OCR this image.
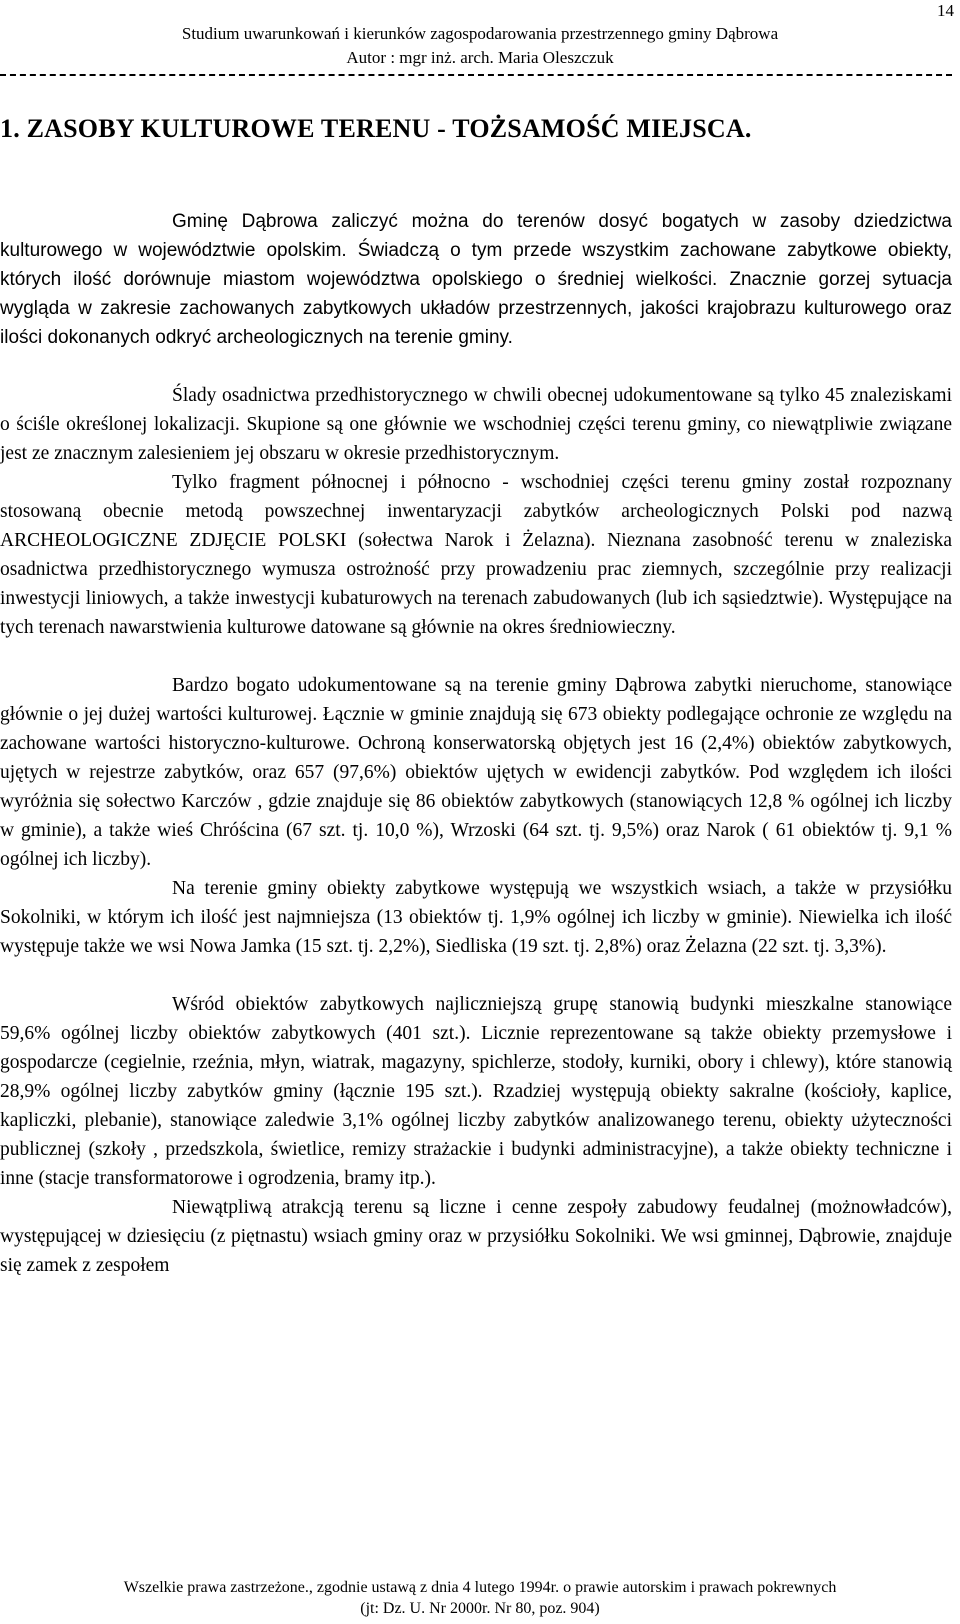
14
Studium uwarunkowań i kierunków zagospodarowania przestrzennego gminy Dąbrowa
Autor : mgr inż. arch. Maria Oleszczuk
1. ZASOBY KULTUROWE TERENU - TOŻSAMOŚĆ MIEJSCA.

Gminę Dąbrowa zaliczyć można do terenów dosyć bogatych w zasoby dziedzictwa kulturowego w województwie opolskim. Świadczą o tym przede wszystkim zachowane zabytkowe obiekty, których ilość dorównuje miastom województwa opolskiego o średniej wielkości. Znacznie gorzej sytuacja wygląda w zakresie zachowanych zabytkowych układów przestrzennych, jakości krajobrazu kulturowego oraz ilości dokonanych odkryć archeologicznych na terenie gminy.

Ślady osadnictwa przedhistorycznego w chwili obecnej udokumentowane są tylko 45 znaleziskami o ściśle określonej lokalizacji. Skupione są one głównie we wschodniej części terenu gminy, co niewątpliwie związane jest ze znacznym zalesieniem jej obszaru w okresie przedhistorycznym.

Tylko fragment północnej i północno - wschodniej części terenu gminy został rozpoznany stosowaną obecnie metodą powszechnej inwentaryzacji zabytków archeologicznych Polski pod nazwą ARCHEOLOGICZNE ZDJĘCIE POLSKI (sołectwa Narok i Żelazna). Nieznana zasobność terenu w znaleziska osadnictwa przedhistorycznego wymusza ostrożność przy prowadzeniu prac ziemnych, szczególnie przy realizacji inwestycji liniowych, a także inwestycji kubaturowych na terenach zabudowanych (lub ich sąsiedztwie). Występujące na tych terenach nawarstwienia kulturowe datowane są głównie na okres średniowieczny.

Bardzo bogato udokumentowane są na terenie gminy Dąbrowa zabytki nieruchome, stanowiące głównie o jej dużej wartości kulturowej. Łącznie w gminie znajdują się 673 obiekty podlegające ochronie ze względu na zachowane wartości historyczno-kulturowe. Ochroną konserwatorską objętych jest 16 (2,4%) obiektów zabytkowych, ujętych w rejestrze zabytków, oraz 657 (97,6%) obiektów ujętych w ewidencji zabytków. Pod względem ich ilości wyróżnia się sołectwo Karczów , gdzie znajduje się 86 obiektów zabytkowych (stanowiących 12,8 % ogólnej ich liczby w gminie), a także wieś Chróścina (67 szt. tj. 10,0 %), Wrzoski (64 szt. tj. 9,5%) oraz Narok ( 61 obiektów tj. 9,1 % ogólnej ich liczby).

Na terenie gminy obiekty zabytkowe występują we wszystkich wsiach, a także w przysiółku Sokolniki, w którym ich ilość jest najmniejsza (13 obiektów tj. 1,9% ogólnej ich liczby w gminie). Niewielka ich ilość występuje także we wsi Nowa Jamka (15 szt. tj. 2,2%), Siedliska (19 szt. tj. 2,8%) oraz Żelazna (22 szt. tj. 3,3%).

Wśród obiektów zabytkowych najliczniejszą grupę stanowią budynki mieszkalne stanowiące 59,6% ogólnej liczby obiektów zabytkowych (401 szt.). Licznie reprezentowane są także obiekty przemysłowe i gospodarcze (cegielnie, rzeźnia, młyn, wiatrak, magazyny, spichlerze, stodoły, kurniki, obory i chlewy), które stanowią 28,9% ogólnej liczby zabytków gminy (łącznie 195 szt.). Rzadziej występują obiekty sakralne (kościoły, kaplice, kapliczki, plebanie), stanowiące zaledwie 3,1% ogólnej liczby zabytków analizowanego terenu, obiekty użyteczności publicznej (szkoły , przedszkola, świetlice, remizy strażackie i budynki administracyjne), a także obiekty techniczne i inne (stacje transformatorowe i ogrodzenia, bramy itp.).

Niewątpliwą atrakcją terenu są liczne i cenne zespoły zabudowy feudalnej (możnowładców), występującej w dziesięciu (z piętnastu) wsiach gminy oraz w przysiółku Sokolniki. We wsi gminnej, Dąbrowie, znajduje się zamek z zespołem

Wszelkie prawa zastrzeżone., zgodnie ustawą z dnia 4 lutego 1994r. o prawie autorskim i prawach pokrewnych
(jt: Dz. U. Nr 2000r. Nr 80, poz. 904)
